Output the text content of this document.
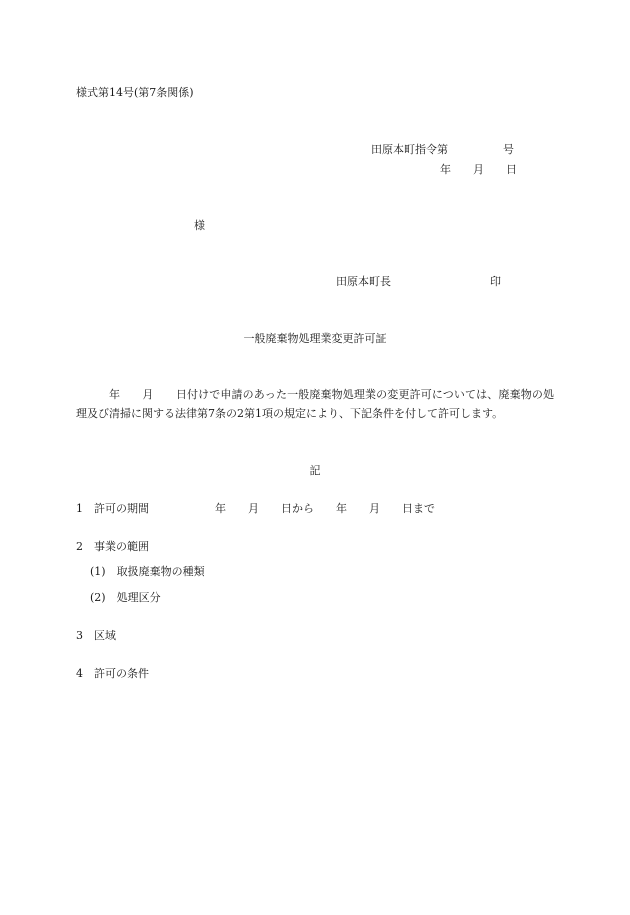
様式第14号(第7条関係)
田原本町指令第　　　　　号
年　　月　　日
様
田原本町長　　　　　　　　　印
一般廃棄物処理業変更許可証
年　　月　　日付けで申請のあった一般廃棄物処理業の変更許可については、廃棄物の処理及び清掃に関する法律第7条の2第1項の規定により、下記条件を付して許可します。
記
1　許可の期間　　　　　　年　　月　　日から　　年　　月　　日まで
2　事業の範囲
(1)　取扱廃棄物の種類
(2)　処理区分
3　区域
4　許可の条件
